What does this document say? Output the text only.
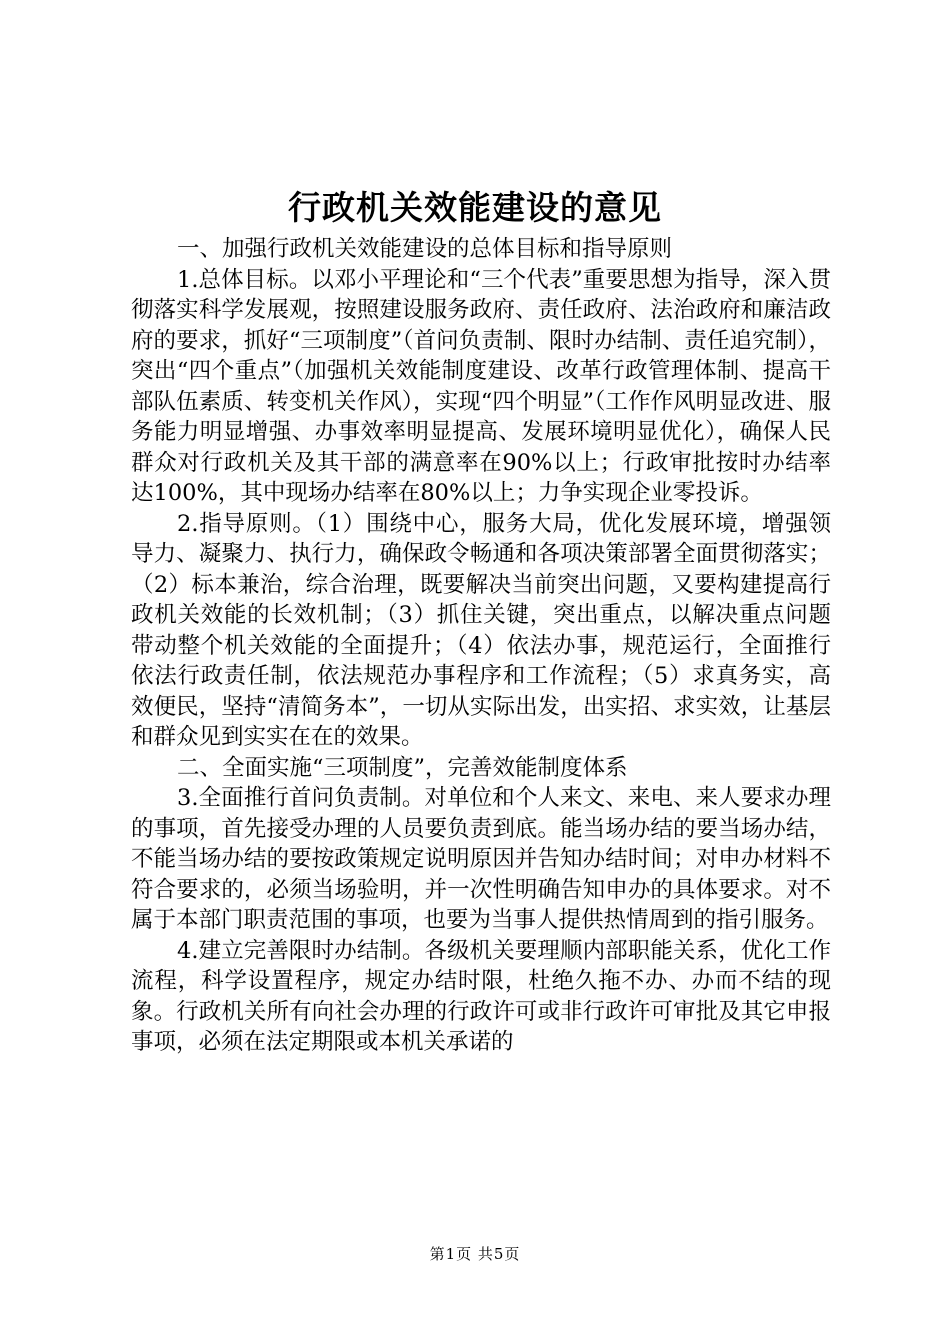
行政机关效能建设的意见

一、加强行政机关效能建设的总体目标和指导原则

1.总体目标。以邓小平理论和“三个代表”重要思想为指导，深入贯彻落实科学发展观，按照建设服务政府、责任政府、法治政府和廉洁政府的要求，抓好“三项制度”（首问负责制、限时办结制、责任追究制），突出“四个重点”（加强机关效能制度建设、改革行政管理体制、提高干部队伍素质、转变机关作风），实现“四个明显”（工作作风明显改进、服务能力明显增强、办事效率明显提高、发展环境明显优化），确保人民群众对行政机关及其干部的满意率在90%以上；行政审批按时办结率达100%，其中现场办结率在80%以上；力争实现企业零投诉。

2.指导原则。（1）围绕中心，服务大局，优化发展环境，增强领导力、凝聚力、执行力，确保政令畅通和各项决策部署全面贯彻落实；（2）标本兼治，综合治理，既要解决当前突出问题，又要构建提高行政机关效能的长效机制；（3）抓住关键，突出重点，以解决重点问题带动整个机关效能的全面提升；（4）依法办事，规范运行，全面推行依法行政责任制，依法规范办事程序和工作流程；（5）求真务实，高效便民，坚持“清简务本”，一切从实际出发，出实招、求实效，让基层和群众见到实实在在的效果。

二、全面实施“三项制度”，完善效能制度体系

3.全面推行首问负责制。对单位和个人来文、来电、来人要求办理的事项，首先接受办理的人员要负责到底。能当场办结的要当场办结，不能当场办结的要按政策规定说明原因并告知办结时间；对申办材料不符合要求的，必须当场验明，并一次性明确告知申办的具体要求。对不属于本部门职责范围的事项，也要为当事人提供热情周到的指引服务。

4.建立完善限时办结制。各级机关要理顺内部职能关系，优化工作流程，科学设置程序，规定办结时限，杜绝久拖不办、办而不结的现象。行政机关所有向社会办理的行政许可或非行政许可审批及其它申报事项，必须在法定期限或本机关承诺的

第1页 共5页
